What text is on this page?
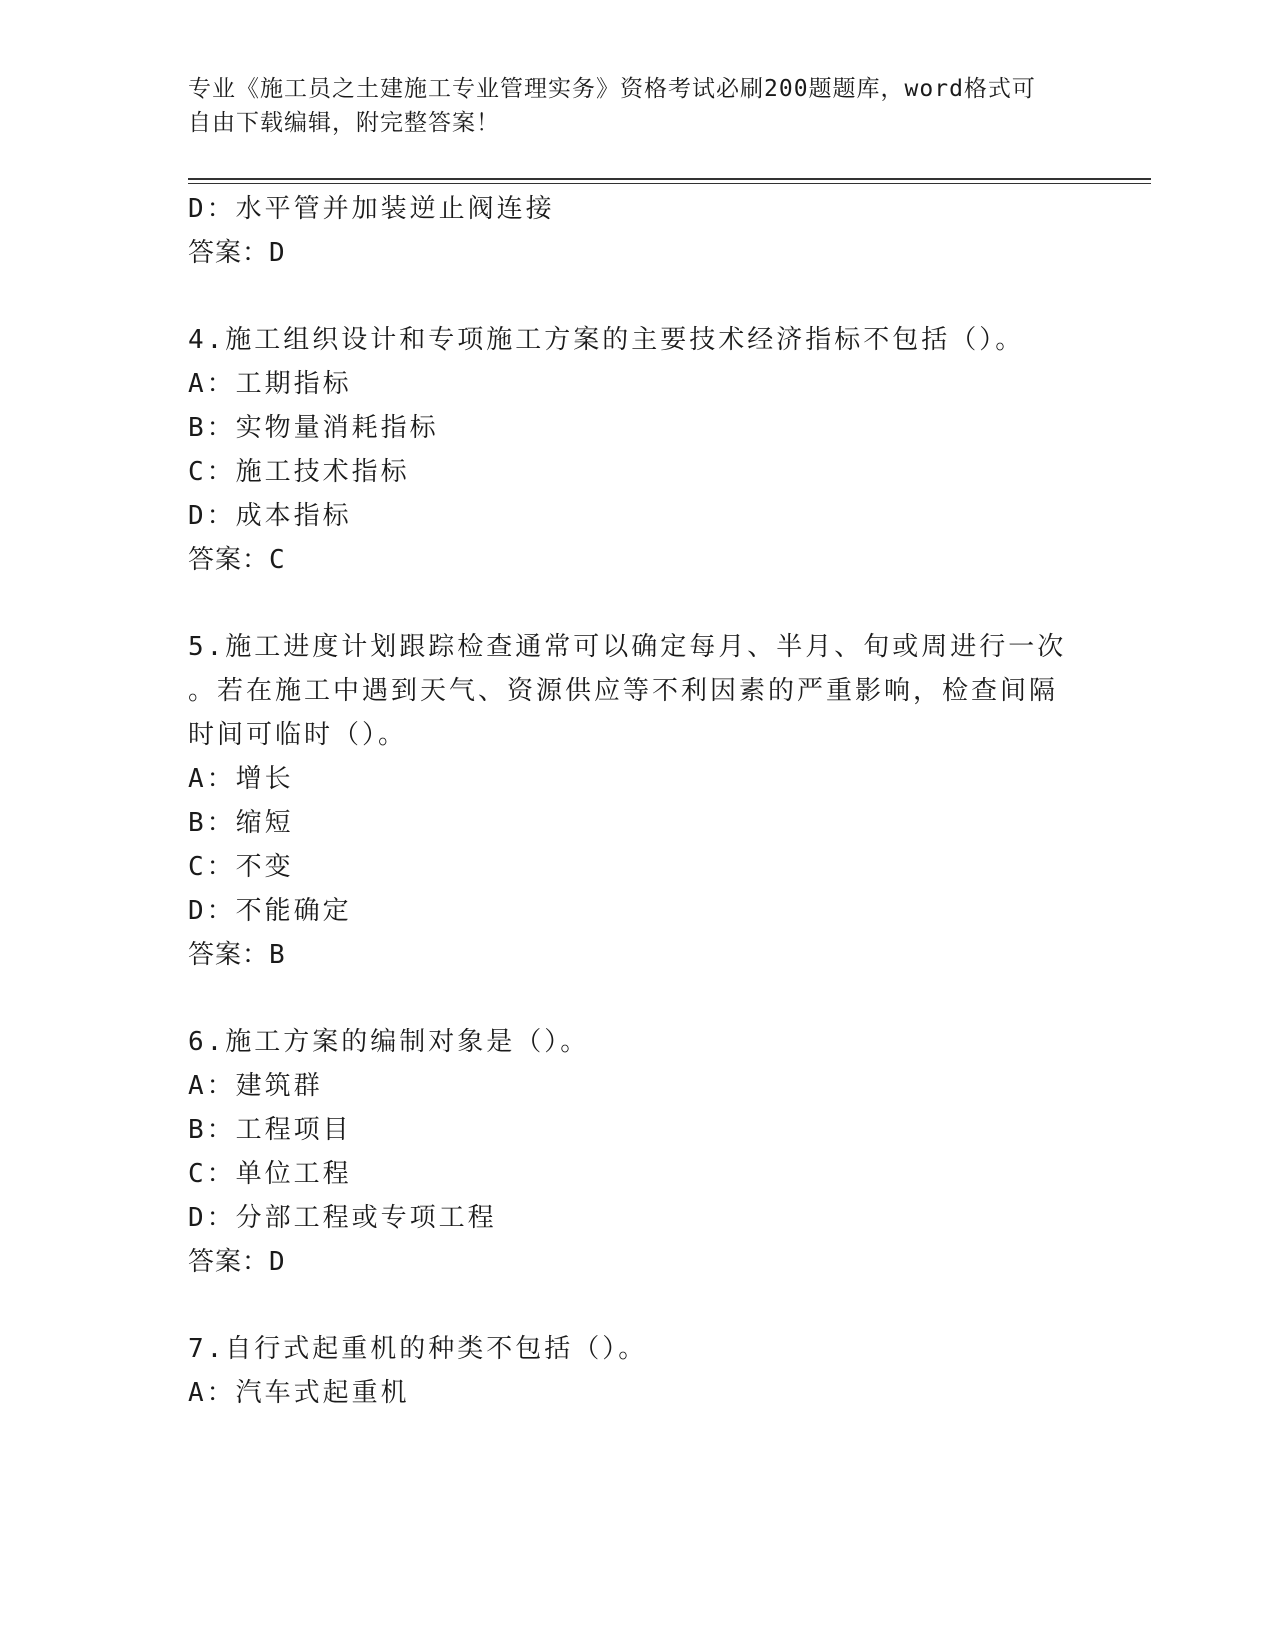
专业《施工员之土建施工专业管理实务》资格考试必刷200题题库，word格式可
自由下载编辑，附完整答案！
D：水平管并加装逆止阀连接
答案：D
4.施工组织设计和专项施工方案的主要技术经济指标不包括（）。
A：工期指标
B：实物量消耗指标
C：施工技术指标
D：成本指标
答案：C
5.施工进度计划跟踪检查通常可以确定每月、半月、旬或周进行一次
。若在施工中遇到天气、资源供应等不利因素的严重影响，检查间隔
时间可临时（）。
A：增长
B：缩短
C：不变
D：不能确定
答案：B
6.施工方案的编制对象是（）。
A：建筑群
B：工程项目
C：单位工程
D：分部工程或专项工程
答案：D
7.自行式起重机的种类不包括（）。
A：汽车式起重机
